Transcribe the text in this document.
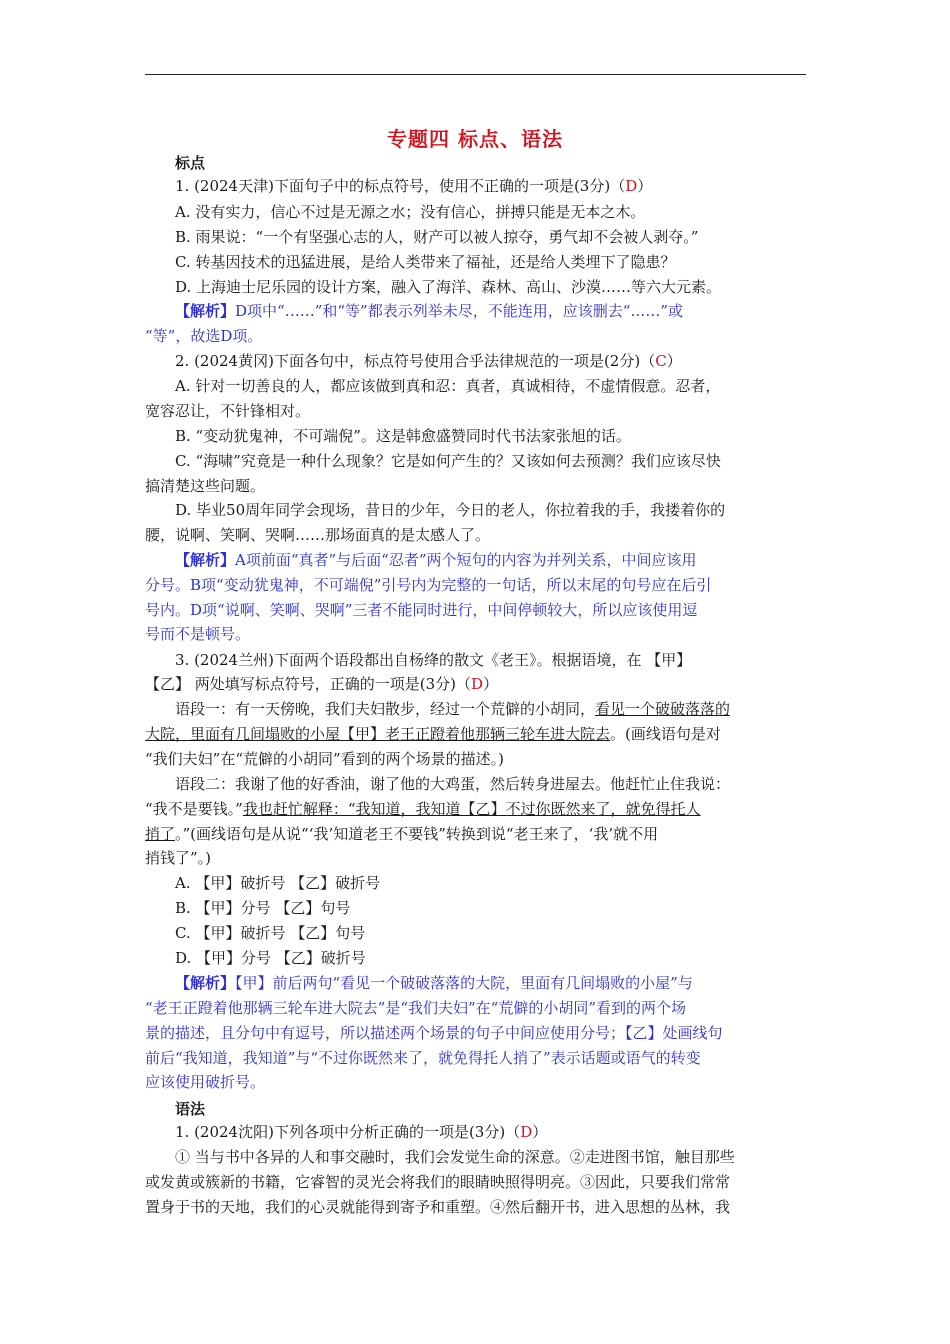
专题四 标点、语法
标点
1. (2024天津)下面句子中的标点符号，使用不正确的一项是(3分)（D）
A. 没有实力，信心不过是无源之水；没有信心，拼搏只能是无本之木。
B. 雨果说：“一个有坚强心志的人，财产可以被人掠夺，勇气却不会被人剥夺。”
C. 转基因技术的迅猛进展，是给人类带来了福祉，还是给人类埋下了隐患？
D. 上海迪士尼乐园的设计方案，融入了海洋、森林、高山、沙漠……等六大元素。
【解析】D项中“……”和“等”都表示列举未尽，不能连用，应该删去“……”或
“等”，故选D项。
2. (2024黄冈)下面各句中，标点符号使用合乎法律规范的一项是(2分)（C）
A. 针对一切善良的人，都应该做到真和忍：真者，真诚相待，不虚情假意。忍者，
宽容忍让，不针锋相对。
B. “变动犹鬼神，不可端倪”。这是韩愈盛赞同时代书法家张旭的话。
C. “海啸”究竟是一种什么现象？它是如何产生的？又该如何去预测？我们应该尽快
搞清楚这些问题。
D. 毕业50周年同学会现场，昔日的少年，今日的老人，你拉着我的手，我搂着你的
腰，说啊、笑啊、哭啊……那场面真的是太感人了。
【解析】A项前面“真者”与后面“忍者”两个短句的内容为并列关系，中间应该用
分号。B项“变动犹鬼神，不可端倪”引号内为完整的一句话，所以末尾的句号应在后引
号内。D项“说啊、笑啊、哭啊”三者不能同时进行，中间停顿较大，所以应该使用逗
号而不是顿号。
3. (2024兰州)下面两个语段都出自杨绛的散文《老王》。根据语境，在 【甲】
【乙】 两处填写标点符号，正确的一项是(3分)（D）
语段一：有一天傍晚，我们夫妇散步，经过一个荒僻的小胡同，看见一个破破落落的
大院，里面有几间塌败的小屋【甲】老王正蹬着他那辆三轮车进大院去。(画线语句是对
“我们夫妇”在“荒僻的小胡同”看到的两个场景的描述。)
语段二：我谢了他的好香油，谢了他的大鸡蛋，然后转身进屋去。他赶忙止住我说：
“我不是要钱。”我也赶忙解释：“我知道，我知道【乙】不过你既然来了，就免得托人
捎了。”(画线语句是从说“‘我’知道老王不要钱”转换到说“老王来了，‘我’就不用
捎钱了”。)
A. 【甲】破折号 【乙】破折号
B. 【甲】分号 【乙】句号
C. 【甲】破折号 【乙】句号
D. 【甲】分号 【乙】破折号
【解析】【甲】前后两句“看见一个破破落落的大院，里面有几间塌败的小屋”与
“老王正蹬着他那辆三轮车进大院去”是“我们夫妇”在“荒僻的小胡同”看到的两个场
景的描述，且分句中有逗号，所以描述两个场景的句子中间应使用分号；【乙】处画线句
前后“我知道，我知道”与“不过你既然来了，就免得托人捎了”表示话题或语气的转变
应该使用破折号。
语法
1. (2024沈阳)下列各项中分析正确的一项是(3分)（D）
① 当与书中各异的人和事交融时，我们会发觉生命的深意。②走进图书馆，触目那些
或发黄或簇新的书籍，它睿智的灵光会将我们的眼睛映照得明亮。③因此，只要我们常常
置身于书的天地，我们的心灵就能得到寄予和重塑。④然后翻开书，进入思想的丛林，我
